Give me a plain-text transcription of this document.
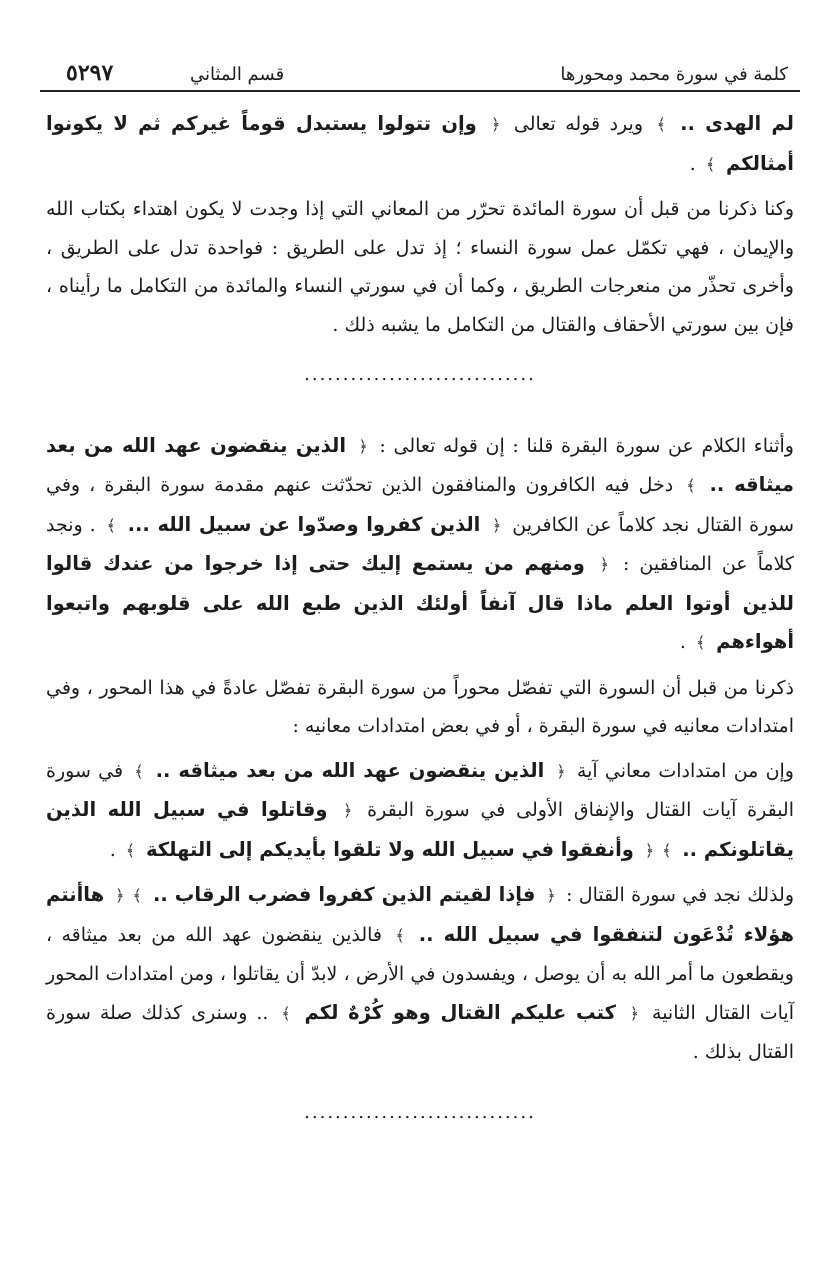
٥٢٩٧	قسم المثاني	كلمة في سورة محمد ومحورها

لم الهدى .. ﴾ ويرد قوله تعالى ﴿ وإن تتولوا يستبدل قوماً غيركم ثم لا يكونوا أمثالكم ﴾ .

وكنا ذكرنا من قبل أن سورة المائدة تحرّر من المعاني التي إذا وجدت لا يكون اهتداء بكتاب الله والإيمان ، فهي تكمّل عمل سورة النساء ؛ إذ تدل على الطريق : فواحدة تدل على الطريق ، وأخرى تحذّر من منعرجات الطريق ، وكما أن في سورتي النساء والمائدة من التكامل ما رأيناه ، فإن بين سورتي الأحقاف والقتال من التكامل ما يشبه ذلك .

..............................

وأثناء الكلام عن سورة البقرة قلنا : إن قوله تعالى : ﴿ الذين ينقضون عهد الله من بعد ميثاقه .. ﴾ دخل فيه الكافرون والمنافقون الذين تحدّثت عنهم مقدمة سورة البقرة ، وفي سورة القتال نجد كلاماً عن الكافرين ﴿ الذين كفروا وصدّوا عن سبيل الله ... ﴾ . ونجد كلاماً عن المنافقين : ﴿ ومنهم من يستمع إليك حتى إذا خرجوا من عندك قالوا للذين أوتوا العلم ماذا قال آنفاً أولئك الذين طبع الله على قلوبهم واتبعوا أهواءهم ﴾ .

ذكرنا من قبل أن السورة التي تفصّل محوراً من سورة البقرة تفصّل عادةً في هذا المحور ، وفي امتدادات معانيه في سورة البقرة ، أو في بعض امتدادات معانيه :

وإن من امتدادات معاني آية ﴿ الذين ينقضون عهد الله من بعد ميثاقه .. ﴾ في سورة البقرة آيات القتال والإنفاق الأولى في سورة البقرة ﴿ وقاتلوا في سبيل الله الذين يقاتلونكم .. ﴾﴿ وأنفقوا في سبيل الله ولا تلقوا بأيديكم إلى التهلكة ﴾ .

ولذلك نجد في سورة القتال : ﴿ فإذا لقيتم الذين كفروا فضرب الرقاب .. ﴾﴿ هاأنتم هؤلاء تُدْعَون لتنفقوا في سبيل الله .. ﴾ فالذين ينقضون عهد الله من بعد ميثاقه ، ويقطعون ما أمر الله به أن يوصل ، ويفسدون في الأرض ، لابدّ أن يقاتلوا ، ومن امتدادات المحور آيات القتال الثانية ﴿ كتب عليكم القتال وهو كُرْهٌ لكم ﴾ .. وسنرى كذلك صلة سورة القتال بذلك .

..............................
